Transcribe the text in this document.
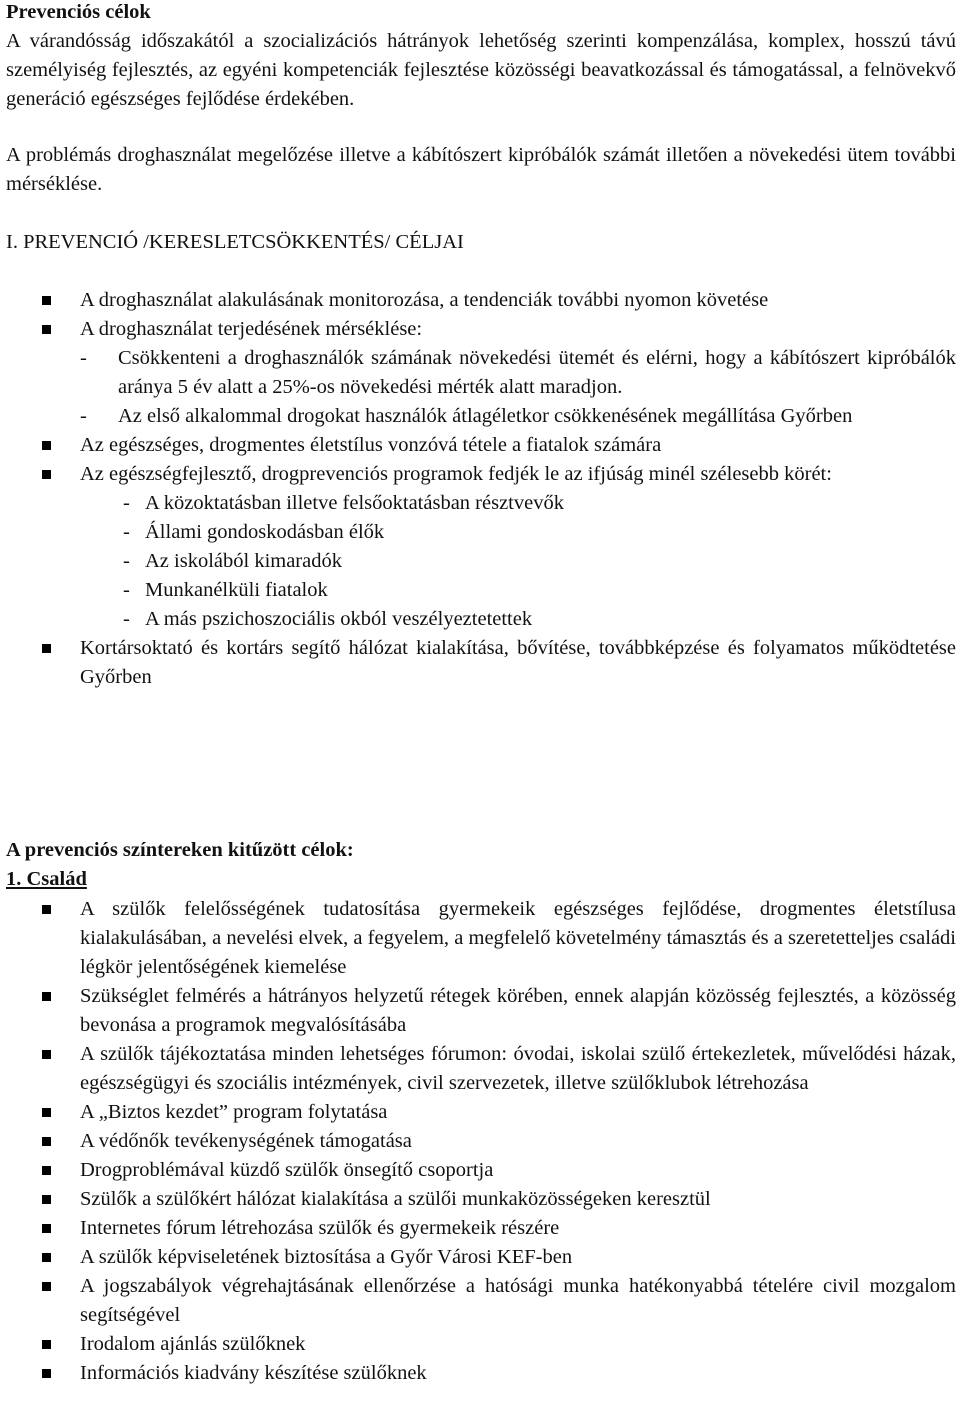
Prevenciós célok

A várandósság időszakától a szocializációs hátrányok lehetőség szerinti kompenzálása, komplex, hosszú távú személyiség fejlesztés, az egyéni kompetenciák fejlesztése közösségi beavatkozással és támogatással, a felnövekvő generáció egészséges fejlődése érdekében.

A problémás droghasználat megelőzése illetve a kábítószert kipróbálók számát illetően a növekedési ütem további mérséklése.

I. PREVENCIÓ /KERESLETCSÖKKENTÉS/ CÉLJAI

A droghasználat alakulásának monitorozása, a tendenciák további nyomon követése
A droghasználat terjedésének mérséklése:
- Csökkenteni a droghasználók számának növekedési ütemét és elérni, hogy a kábítószert kipróbálók aránya 5 év alatt a 25%-os növekedési mérték alatt maradjon.
- Az első alkalommal drogokat használók átlagéletkor csökkenésének megállítása Győrben
Az egészséges, drogmentes életstílus vonzóvá tétele a fiatalok számára
Az egészségfejlesztő, drogprevenciós programok fedjék le az ifjúság minél szélesebb körét:
- A közoktatásban illetve felsőoktatásban résztvevők
- Állami gondoskodásban élők
- Az iskolából kimaradók
- Munkanélküli fiatalok
- A más pszichoszociális okból veszélyeztetettek
Kortársoktató és kortárs segítő hálózat kialakítása, bővítése, továbbképzése és folyamatos működtetése Győrben

A prevenciós színtereken kitűzött célok:

1. Család

A szülők felelősségének tudatosítása gyermekeik egészséges fejlődése, drogmentes életstílusa kialakulásában, a nevelési elvek, a fegyelem, a megfelelő követelmény támasztás és a szeretetteljes családi légkör jelentőségének kiemelése
Szükséglet felmérés a hátrányos helyzetű rétegek körében, ennek alapján közösség fejlesztés, a közösség bevonása a programok megvalósításába
A szülők tájékoztatása minden lehetséges fórumon: óvodai, iskolai szülő értekezletek, művelődési házak, egészségügyi és szociális intézmények, civil szervezetek, illetve szülőklubok létrehozása
A „Biztos kezdet” program folytatása
A védőnők tevékenységének támogatása
Drogproblémával küzdő szülők önsegítő csoportja
Szülők a szülőkért hálózat kialakítása a szülői munkaközösségeken keresztül
Internetes fórum létrehozása szülők és gyermekeik részére
A szülők képviseletének biztosítása a Győr Városi KEF-ben
A jogszabályok végrehajtásának ellenőrzése a hatósági munka hatékonyabbá tételére civil mozgalom segítségével
Irodalom ajánlás szülőknek
Információs kiadvány készítése szülőknek
